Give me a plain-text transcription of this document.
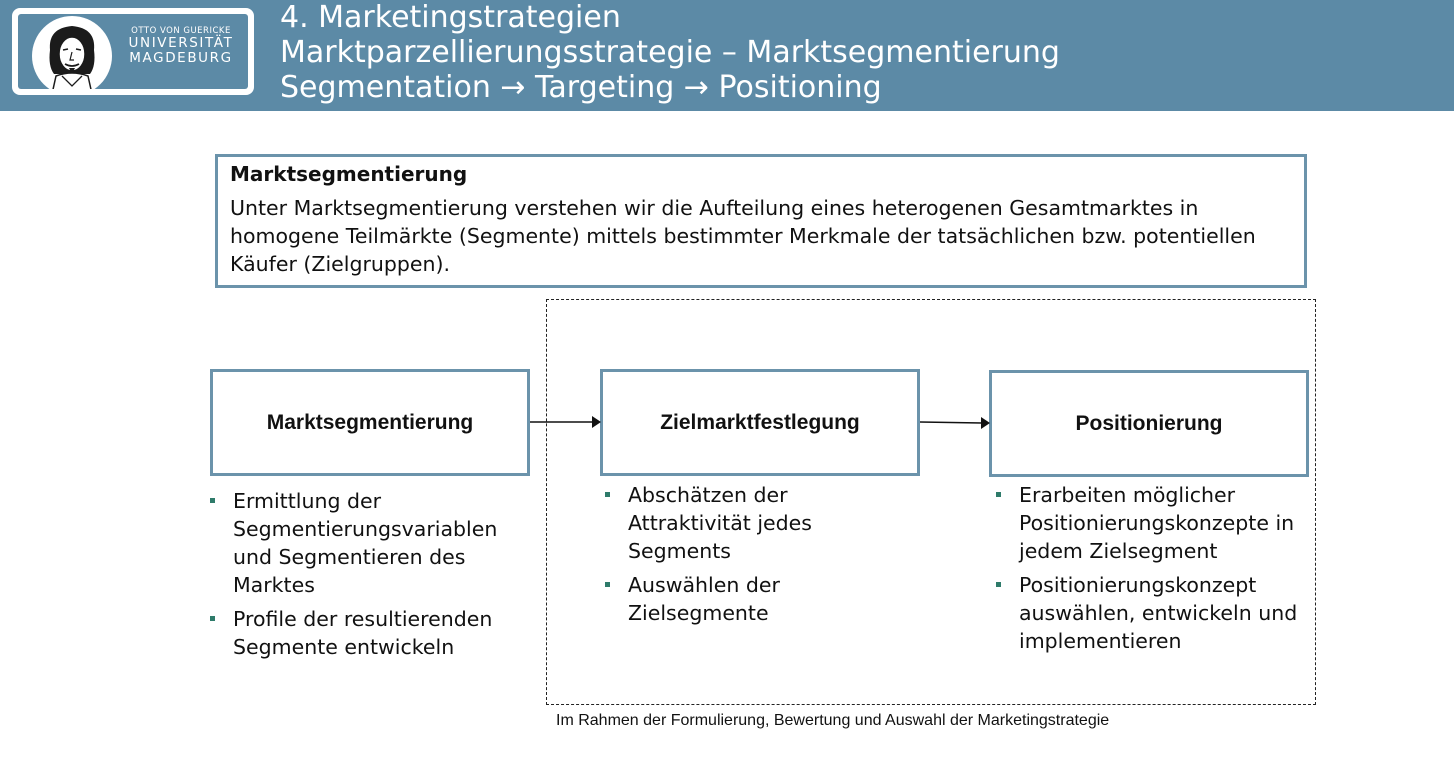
OTTO VON GUERICKE
UNIVERSITÄT
MAGDEBURG
4. Marketingstrategien
Marktparzellierungsstrategie – Marktsegmentierung
Segmentation → Targeting → Positioning
Marktsegmentierung
Unter Marktsegmentierung verstehen wir die Aufteilung eines heterogenen Gesamtmarktes in homogene Teilmärkte (Segmente) mittels bestimmter Merkmale der tatsächlichen bzw. potentiellen Käufer (Zielgruppen).
Marktsegmentierung	Zielmarktfestlegung	Positionierung
Ermittlung der Segmentierungsvariablen und Segmentieren des Marktes
Profile der resultierenden Segmente entwickeln
Abschätzen der Attraktivität jedes Segments
Auswählen der Zielsegmente
Erarbeiten möglicher Positionierungskonzepte in jedem Zielsegment
Positionierungskonzept auswählen, entwickeln und implementieren
Im Rahmen der Formulierung, Bewertung und Auswahl der Marketingstrategie
